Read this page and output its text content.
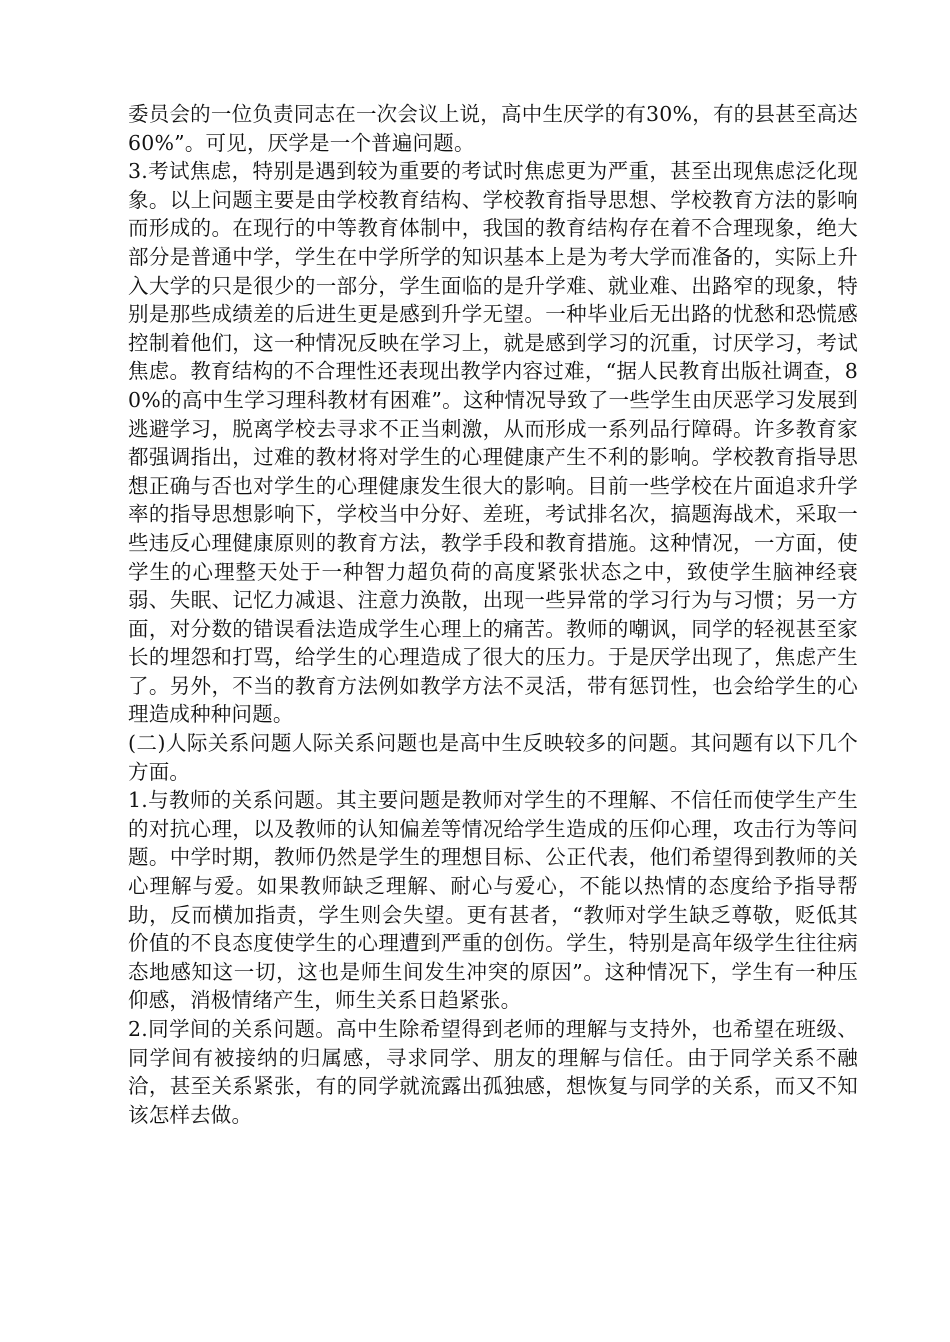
委员会的一位负责同志在一次会议上说，高中生厌学的有30%，有的县甚至高达60%”。可见，厌学是一个普遍问题。

3.考试焦虑，特别是遇到较为重要的考试时焦虑更为严重，甚至出现焦虑泛化现象。以上问题主要是由学校教育结构、学校教育指导思想、学校教育方法的影响而形成的。在现行的中等教育体制中，我国的教育结构存在着不合理现象，绝大部分是普通中学，学生在中学所学的知识基本上是为考大学而准备的，实际上升入大学的只是很少的一部分，学生面临的是升学难、就业难、出路窄的现象，特别是那些成绩差的后进生更是感到升学无望。一种毕业后无出路的忧愁和恐慌感控制着他们，这一种情况反映在学习上，就是感到学习的沉重，讨厌学习，考试焦虑。教育结构的不合理性还表现出教学内容过难，“据人民教育出版社调查，80%的高中生学习理科教材有困难”。这种情况导致了一些学生由厌恶学习发展到逃避学习，脱离学校去寻求不正当刺激，从而形成一系列品行障碍。许多教育家都强调指出，过难的教材将对学生的心理健康产生不利的影响。学校教育指导思想正确与否也对学生的心理健康发生很大的影响。目前一些学校在片面追求升学率的指导思想影响下，学校当中分好、差班，考试排名次，搞题海战术，采取一些违反心理健康原则的教育方法，教学手段和教育措施。这种情况，一方面，使学生的心理整天处于一种智力超负荷的高度紧张状态之中，致使学生脑神经衰弱、失眠、记忆力减退、注意力涣散，出现一些异常的学习行为与习惯；另一方面，对分数的错误看法造成学生心理上的痛苦。教师的嘲讽，同学的轻视甚至家长的埋怨和打骂，给学生的心理造成了很大的压力。于是厌学出现了，焦虑产生了。另外，不当的教育方法例如教学方法不灵活，带有惩罚性，也会给学生的心理造成种种问题。

(二)人际关系问题人际关系问题也是高中生反映较多的问题。其问题有以下几个方面。

1.与教师的关系问题。其主要问题是教师对学生的不理解、不信任而使学生产生的对抗心理，以及教师的认知偏差等情况给学生造成的压仰心理，攻击行为等问题。中学时期，教师仍然是学生的理想目标、公正代表，他们希望得到教师的关心理解与爱。如果教师缺乏理解、耐心与爱心，不能以热情的态度给予指导帮助，反而横加指责，学生则会失望。更有甚者，“教师对学生缺乏尊敬，贬低其价值的不良态度使学生的心理遭到严重的创伤。学生，特别是高年级学生往往病态地感知这一切，这也是师生间发生冲突的原因”。这种情况下，学生有一种压仰感，消极情绪产生，师生关系日趋紧张。

2.同学间的关系问题。高中生除希望得到老师的理解与支持外，也希望在班级、同学间有被接纳的归属感，寻求同学、朋友的理解与信任。由于同学关系不融洽，甚至关系紧张，有的同学就流露出孤独感，想恢复与同学的关系，而又不知该怎样去做。
